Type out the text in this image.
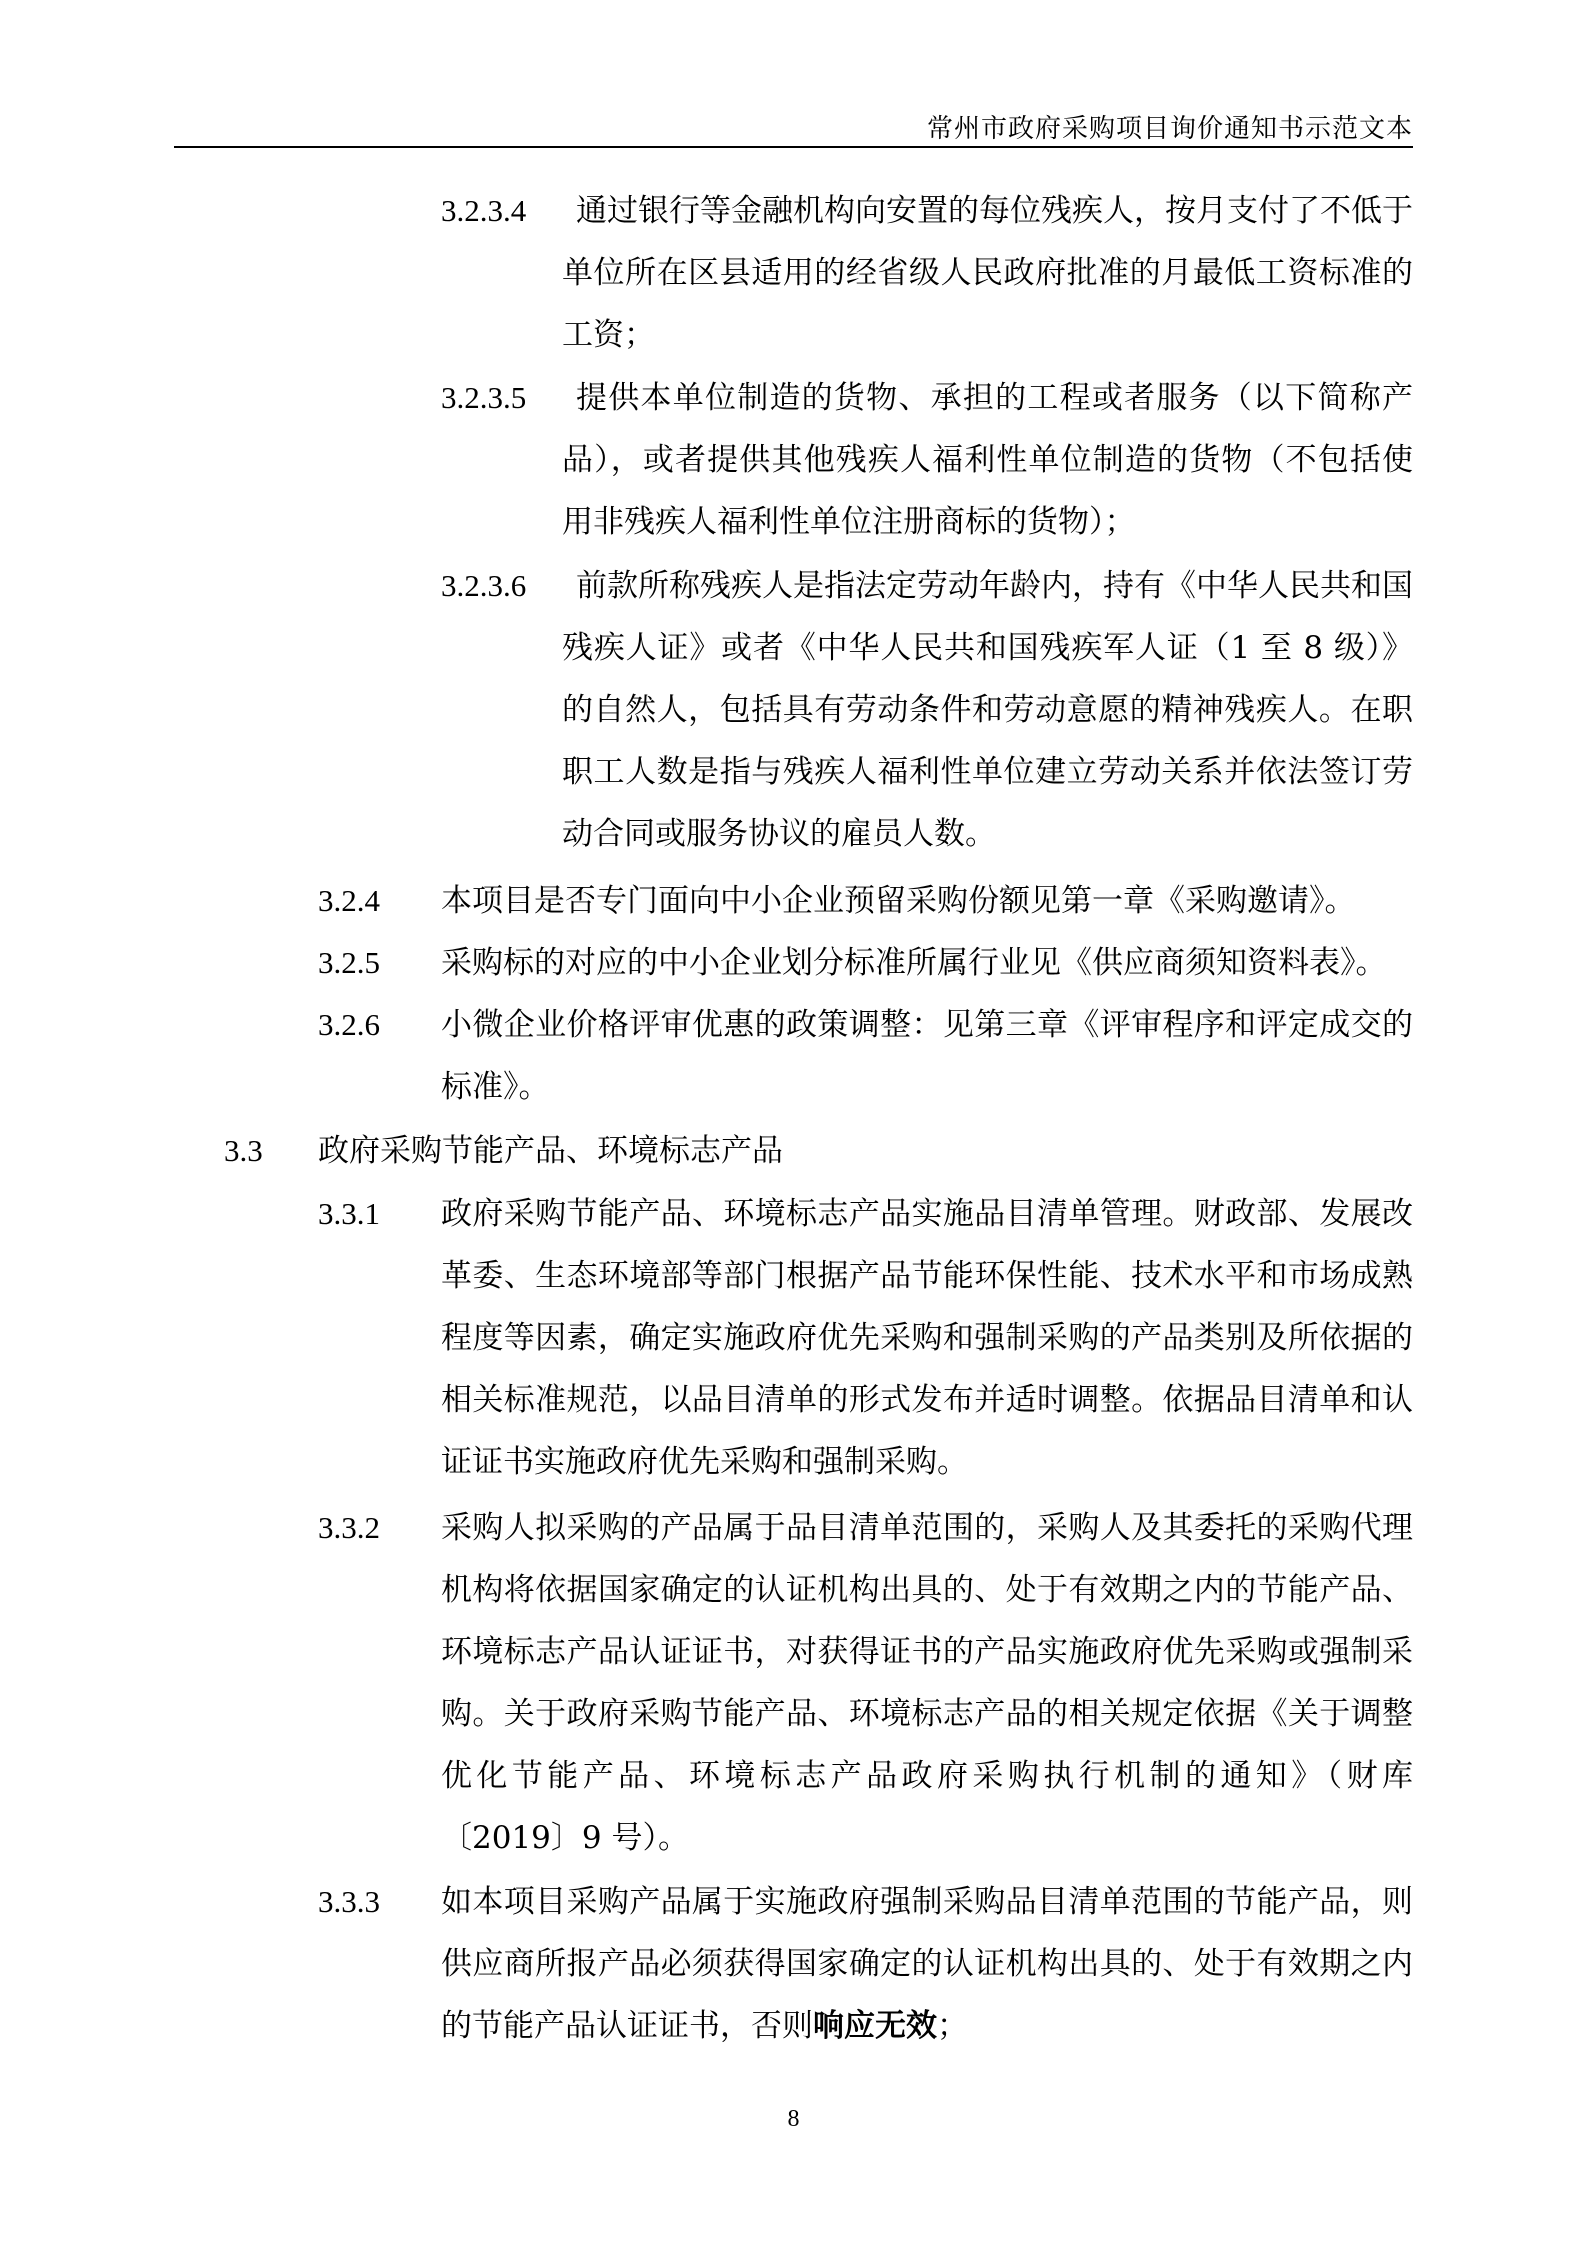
常州市政府采购项目询价通知书示范文本
3.2.3.4	通过银行等金融机构向安置的每位残疾人，按月支付了不低于单位所在区县适用的经省级人民政府批准的月最低工资标准的工资；
3.2.3.5	提供本单位制造的货物、承担的工程或者服务（以下简称产品），或者提供其他残疾人福利性单位制造的货物（不包括使用非残疾人福利性单位注册商标的货物）；
3.2.3.6	前款所称残疾人是指法定劳动年龄内，持有《中华人民共和国残疾人证》或者《中华人民共和国残疾军人证（1 至 8 级）》的自然人，包括具有劳动条件和劳动意愿的精神残疾人。在职职工人数是指与残疾人福利性单位建立劳动关系并依法签订劳动合同或服务协议的雇员人数。
3.2.4 本项目是否专门面向中小企业预留采购份额见第一章《采购邀请》。
3.2.5 采购标的对应的中小企业划分标准所属行业见《供应商须知资料表》。
3.2.6 小微企业价格评审优惠的政策调整：见第三章《评审程序和评定成交的标准》。
3.3 政府采购节能产品、环境标志产品
3.3.1 政府采购节能产品、环境标志产品实施品目清单管理。财政部、发展改革委、生态环境部等部门根据产品节能环保性能、技术水平和市场成熟程度等因素，确定实施政府优先采购和强制采购的产品类别及所依据的相关标准规范，以品目清单的形式发布并适时调整。依据品目清单和认证证书实施政府优先采购和强制采购。
3.3.2 采购人拟采购的产品属于品目清单范围的，采购人及其委托的采购代理机构将依据国家确定的认证机构出具的、处于有效期之内的节能产品、环境标志产品认证证书，对获得证书的产品实施政府优先采购或强制采购。关于政府采购节能产品、环境标志产品的相关规定依据《关于调整优化节能产品、环境标志产品政府采购执行机制的通知》（财库〔2019〕9 号）。
3.3.3 如本项目采购产品属于实施政府强制采购品目清单范围的节能产品，则供应商所报产品必须获得国家确定的认证机构出具的、处于有效期之内的节能产品认证证书，否则响应无效；
8
